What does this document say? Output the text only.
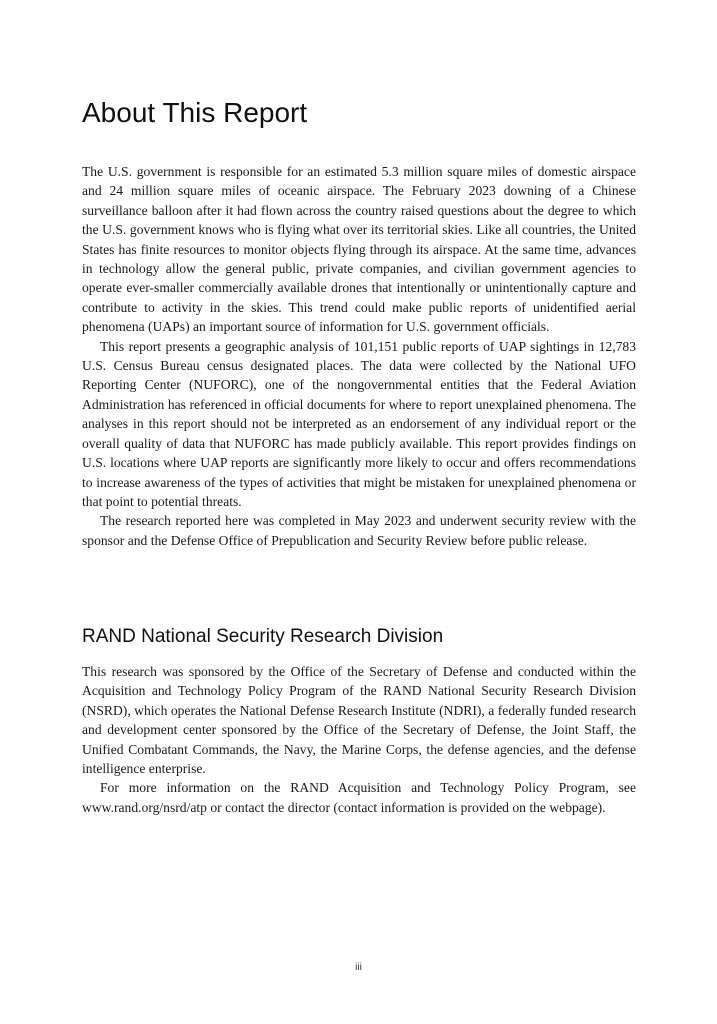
About This Report

The U.S. government is responsible for an estimated 5.3 million square miles of domestic airspace and 24 million square miles of oceanic airspace. The February 2023 downing of a Chinese surveillance balloon after it had flown across the country raised questions about the degree to which the U.S. government knows who is flying what over its territorial skies. Like all countries, the United States has finite resources to monitor objects flying through its airspace. At the same time, advances in technology allow the general public, private companies, and civilian government agencies to operate ever-smaller commercially available drones that intentionally or unintentionally capture and contribute to activity in the skies. This trend could make public reports of unidentified aerial phenomena (UAPs) an important source of information for U.S. government officials.

This report presents a geographic analysis of 101,151 public reports of UAP sightings in 12,783 U.S. Census Bureau census designated places. The data were collected by the National UFO Reporting Center (NUFORC), one of the nongovernmental entities that the Federal Aviation Administration has referenced in official documents for where to report unexplained phenomena. The analyses in this report should not be interpreted as an endorsement of any individual report or the overall quality of data that NUFORC has made publicly available. This report provides findings on U.S. locations where UAP reports are significantly more likely to occur and offers recommendations to increase awareness of the types of activities that might be mistaken for unexplained phenomena or that point to potential threats.

The research reported here was completed in May 2023 and underwent security review with the sponsor and the Defense Office of Prepublication and Security Review before public release.

RAND National Security Research Division

This research was sponsored by the Office of the Secretary of Defense and conducted within the Acquisition and Technology Policy Program of the RAND National Security Research Division (NSRD), which operates the National Defense Research Institute (NDRI), a federally funded research and development center sponsored by the Office of the Secretary of Defense, the Joint Staff, the Unified Combatant Commands, the Navy, the Marine Corps, the defense agencies, and the defense intelligence enterprise.

For more information on the RAND Acquisition and Technology Policy Program, see www.rand.org/nsrd/atp or contact the director (contact information is provided on the webpage).

iii
